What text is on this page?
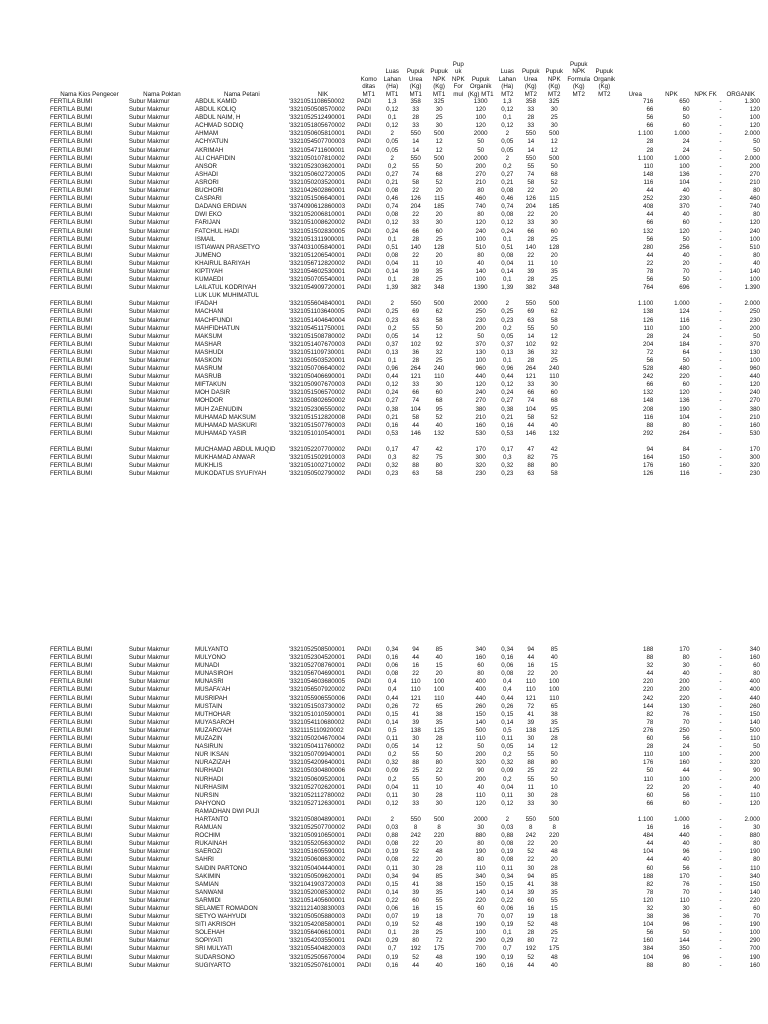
Nama Kios Pengecer	Nama Poktan	Nama Petani	NIK	Komo ditas MT1	Luas Lahan (Ha) MT1	Pupuk Urea (Kg) MT1	Pupuk NPK (Kg) MT1	Pup uk NPK For mul	Pupuk Organik (Kg) MT1	Luas Lahan (Ha) MT2	Pupuk Urea (Kg) MT2	Pupuk NPK (Kg) MT2	Pupuk NPK Formula (Kg) MT2	Pupuk Organik (Kg) MT2	Urea	NPK	NPK FK	ORGANIK
FERTILA BUMI	Subur Makmur	ABDUL KAMID	'3321051108650002	PADI	1,3	358	325		1300	1,3	358	325			716	650	-	1.300
FERTILA BUMI	Subur Makmur	ABDUL KOLIQ	'3321050508570002	PADI	0,12	33	30		120	0,12	33	30			66	60	-	120
FERTILA BUMI	Subur Makmur	ABDUL NAIM, H	'3321052512490001	PADI	0,1	28	25		100	0,1	28	25			56	50	-	100
FERTILA BUMI	Subur Makmur	ACHMAD SODIQ	'3321051805670002	PADI	0,12	33	30		120	0,12	33	30			66	60	-	120
FERTILA BUMI	Subur Makmur	AHMAM	'3321050605810001	PADI	2	550	500		2000	2	550	500			1.100	1.000	-	2.000
FERTILA BUMI	Subur Makmur	ACHYATUN	'3321054507700003	PADI	0,05	14	12		50	0,05	14	12			28	24	-	50
FERTILA BUMI	Subur Makmur	AKRIMAH	'3321054711600001	PADI	0,05	14	12		50	0,05	14	12			28	24	-	50
FERTILA BUMI	Subur Makmur	ALI CHAFIDIN	'3321050107810002	PADI	2	550	500		2000	2	550	500			1.100	1.000	-	2.000
FERTILA BUMI	Subur Makmur	ANSOR	'3321052303620001	PADI	0,2	55	50		200	0,2	55	50			110	100	-	200
FERTILA BUMI	Subur Makmur	ASHADI	'3321050602720005	PADI	0,27	74	68		270	0,27	74	68			148	136	-	270
FERTILA BUMI	Subur Makmur	ASRORI	'3321050203520001	PADI	0,21	58	52		210	0,21	58	52			116	104	-	210
FERTILA BUMI	Subur Makmur	BUCHORI	'3321042602860001	PADI	0,08	22	20		80	0,08	22	20			44	40	-	80
FERTILA BUMI	Subur Makmur	CASPARI	'3321051506640001	PADI	0,46	126	115		460	0,46	126	115			252	230	-	460
FERTILA BUMI	Subur Makmur	DADANG ERDIAN	'3374090612860003	PADI	0,74	204	185		740	0,74	204	185			408	370	-	740
FERTILA BUMI	Subur Makmur	DWI EKO	'3321052006810001	PADI	0,08	22	20		80	0,08	22	20			44	40	-	80
FERTILA BUMI	Subur Makmur	FARIJAN	'3321051008620002	PADI	0,12	33	30		120	0,12	33	30			66	60	-	120
FERTILA BUMI	Subur Makmur	FATCHUL HADI	'3321051502830005	PADI	0,24	66	60		240	0,24	66	60			132	120	-	240
FERTILA BUMI	Subur Makmur	ISMAIL	'3321051311900001	PADI	0,1	28	25		100	0,1	28	25			56	50	-	100
FERTILA BUMI	Subur Makmur	ISTIAWAN PRASETYO	'3374031005840001	PADI	0,51	140	128		510	0,51	140	128			280	256	-	510
FERTILA BUMI	Subur Makmur	JUMENO	'3321051206540001	PADI	0,08	22	20		80	0,08	22	20			44	40	-	80
FERTILA BUMI	Subur Makmur	KHAIRUL BARIYAH	'3321056712820002	PADI	0,04	11	10		40	0,04	11	10			22	20	-	40
FERTILA BUMI	Subur Makmur	KIPTIYAH	'3321054602530001	PADI	0,14	39	35		140	0,14	39	35			78	70	-	140
FERTILA BUMI	Subur Makmur	KUMAEDI	'3321050705540001	PADI	0,1	28	25		100	0,1	28	25			56	50	-	100
FERTILA BUMI	Subur Makmur	LAILATUL KODRIYAH	'3321054909720001	PADI	1,39	382	348		1390	1,39	382	348			764	696	-	1.390
		LUK LUK MUHIMATUL																
FERTILA BUMI	Subur Makmur	IFADAH	'3321055604840001	PADI	2	550	500		2000	2	550	500			1.100	1.000	-	2.000
FERTILA BUMI	Subur Makmur	MACHANI	'3321051103640005	PADI	0,25	69	62		250	0,25	69	62			138	124	-	250
FERTILA BUMI	Subur Makmur	MACHFUNDI	'3321051404640004	PADI	0,23	63	58		230	0,23	63	58			126	116	-	230
FERTILA BUMI	Subur Makmur	MAHFIDHATUN	'3321054511750001	PADI	0,2	55	50		200	0,2	55	50			110	100	-	200
FERTILA BUMI	Subur Makmur	MAKSUM	'3321051508780002	PADI	0,05	14	12		50	0,05	14	12			28	24	-	50
FERTILA BUMI	Subur Makmur	MASHAR	'3321051407670003	PADI	0,37	102	92		370	0,37	102	92			204	184	-	370
FERTILA BUMI	Subur Makmur	MASHUDI	'3321051109730001	PADI	0,13	36	32		130	0,13	36	32			72	64	-	130
FERTILA BUMI	Subur Makmur	MASKON	'3321050503520001	PADI	0,1	28	25		100	0,1	28	25			56	50	-	100
FERTILA BUMI	Subur Makmur	MASRUM	'3321050706640002	PADI	0,96	264	240		960	0,96	264	240			528	480	-	960
FERTILA BUMI	Subur Makmur	MASRUB	'3321050406690001	PADI	0,44	121	110		440	0,44	121	110			242	220	-	440
FERTILA BUMI	Subur Makmur	MIFTAKUN	'3321050907670003	PADI	0,12	33	30		120	0,12	33	30			66	60	-	120
FERTILA BUMI	Subur Makmur	MOH DASIR	'3321051506570002	PADI	0,24	66	60		240	0,24	66	60			132	120	-	240
FERTILA BUMI	Subur Makmur	MOHDOR	'3321050802650002	PADI	0,27	74	68		270	0,27	74	68			148	136	-	270
FERTILA BUMI	Subur Makmur	MUH ZAENUDIN	'3321052306550002	PADI	0,38	104	95		380	0,38	104	95			208	190	-	380
FERTILA BUMI	Subur Makmur	MUHAMAD MAKSUM	'3321051512820008	PADI	0,21	58	52		210	0,21	58	52			116	104	-	210
FERTILA BUMI	Subur Makmur	MUHAMAD MASKURI	'3321051507760003	PADI	0,16	44	40		160	0,16	44	40			88	80	-	160
FERTILA BUMI	Subur Makmur	MUHAMAD YASIR	'3321051010540001	PADI	0,53	146	132		530	0,53	146	132			292	264	-	530

FERTILA BUMI	Subur Makmur	MUCHAMAD ABDUL MUQID	'3321052207700002	PADI	0,17	47	42		170	0,17	47	42			94	84	-	170
FERTILA BUMI	Subur Makmur	MUKHAMAD ANWAR	'3321051502910003	PADI	0,3	82	75		300	0,3	82	75			164	150	-	300
FERTILA BUMI	Subur Makmur	MUKHLIS	'3321051002710002	PADI	0,32	88	80		320	0,32	88	80			176	160	-	320
FERTILA BUMI	Subur Makmur	MUKODATUS SYUFIYAH	'3321050502790002	PADI	0,23	63	58		230	0,23	63	58			126	116	-	230
FERTILA BUMI	Subur Makmur	MULYANTO	'3321052508500001	PADI	0,34	94	85		340	0,34	94	85			188	170	-	340
FERTILA BUMI	Subur Makmur	MULYONO	'3321052304520001	PADI	0,16	44	40		160	0,16	44	40			88	80	-	160
FERTILA BUMI	Subur Makmur	MUNADI	'3321052708760001	PADI	0,06	16	15		60	0,06	16	15			32	30	-	60
FERTILA BUMI	Subur Makmur	MUNASIROH	'3321056704690001	PADI	0,08	22	20		80	0,08	22	20			44	40	-	80
FERTILA BUMI	Subur Makmur	MUNASRI	'3321054603680005	PADI	0,4	110	100		400	0,4	110	100			220	200	-	400
FERTILA BUMI	Subur Makmur	MUSAFA'AH	'3321056507920002	PADI	0,4	110	100		400	0,4	110	100			220	200	-	400
FERTILA BUMI	Subur Makmur	MUSRIPAH	'3321055906550006	PADI	0,44	121	110		440	0,44	121	110			242	220	-	440
FERTILA BUMI	Subur Makmur	MUSTAIN	'3321051503730002	PADI	0,26	72	65		260	0,26	72	65			144	130	-	260
FERTILA BUMI	Subur Makmur	MUTHOHAR	'3321051010590001	PADI	0,15	41	38		150	0,15	41	38			82	76	-	150
FERTILA BUMI	Subur Makmur	MUYASAROH	'3321054110680002	PADI	0,14	39	35		140	0,14	39	35			78	70	-	140
FERTILA BUMI	Subur Makmur	MUZARO'AH	'3321115110920002	PADI	0,5	138	125		500	0,5	138	125			276	250	-	500
FERTILA BUMI	Subur Makmur	MUZAZIN	'3321050204670004	PADI	0,11	30	28		110	0,11	30	28			60	56	-	110
FERTILA BUMI	Subur Makmur	NASIRUN	'3321050411760002	PADI	0,05	14	12		50	0,05	14	12			28	24	-	50
FERTILA BUMI	Subur Makmur	NUR IKSAN	'3321050709940001	PADI	0,2	55	50		200	0,2	55	50			110	100	-	200
FERTILA BUMI	Subur Makmur	NURAZIZAH	'3321054209640001	PADI	0,32	88	80		320	0,32	88	80			176	160	-	320
FERTILA BUMI	Subur Makmur	NURHADI	'3321050304800006	PADI	0,09	25	22		90	0,09	25	22			50	44	-	90
FERTILA BUMI	Subur Makmur	NURHADI	'3321050609520001	PADI	0,2	55	50		200	0,2	55	50			110	100	-	200
FERTILA BUMI	Subur Makmur	NURHASIM	'3321052702620001	PADI	0,04	11	10		40	0,04	11	10			22	20	-	40
FERTILA BUMI	Subur Makmur	NURSIN	'3321052112780002	PADI	0,11	30	28		110	0,11	30	28			60	56	-	110
FERTILA BUMI	Subur Makmur	PAHYONO	'3321052712630001	PADI	0,12	33	30		120	0,12	33	30			66	60	-	120
		RAMADHAN DWI PUJI																
FERTILA BUMI	Subur Makmur	HARTANTO	'3321050804890001	PADI	2	550	500		2000	2	550	500			1.100	1.000	-	2.000
FERTILA BUMI	Subur Makmur	RAMUAN	'3321052507700002	PADI	0,03	8	8		30	0,03	8	8			16	16	-	30
FERTILA BUMI	Subur Makmur	ROCHIM	'3321050910650001	PADI	0,88	242	220		880	0,88	242	220			484	440	-	880
FERTILA BUMI	Subur Makmur	RUKAINAH	'3321055205630002	PADI	0,08	22	20		80	0,08	22	20			44	40	-	80
FERTILA BUMI	Subur Makmur	SAEROZI	'3321051605590001	PADI	0,19	52	48		190	0,19	52	48			104	96	-	190
FERTILA BUMI	Subur Makmur	SAHRI	'3321050608630002	PADI	0,08	22	20		80	0,08	22	20			44	40	-	80
FERTILA BUMI	Subur Makmur	SAIDIN PARTONO	'3321050404440001	PADI	0,11	30	28		110	0,11	30	28			60	56	-	110
FERTILA BUMI	Subur Makmur	SAKIMIN	'3321050509620001	PADI	0,34	94	85		340	0,34	94	85			188	170	-	340
FERTILA BUMI	Subur Makmur	SAMIAN	'3321041903720003	PADI	0,15	41	38		150	0,15	41	38			82	76	-	150
FERTILA BUMI	Subur Makmur	SANWANI	'3321052008530002	PADI	0,14	39	35		140	0,14	39	35			78	70	-	140
FERTILA BUMI	Subur Makmur	SARMIDI	'3321051405600001	PADI	0,22	60	55		220	0,22	60	55			120	110	-	220
FERTILA BUMI	Subur Makmur	SELAMET ROMADON	'3321121403830003	PADI	0,06	16	15		60	0,06	16	15			32	30	-	60
FERTILA BUMI	Subur Makmur	SETYO WAHYUDI	'3321050505880003	PADI	0,07	19	18		70	0,07	19	18			38	36	-	70
FERTILA BUMI	Subur Makmur	SITI AKRISOH	'3321054208580001	PADI	0,19	52	48		190	0,19	52	48			104	96	-	190
FERTILA BUMI	Subur Makmur	SOLEHAH	'3321056406610001	PADI	0,1	28	25		100	0,1	28	25			56	50	-	100
FERTILA BUMI	Subur Makmur	SOPIYATI	'3321054203550001	PADI	0,29	80	72		290	0,29	80	72			160	144	-	290
FERTILA BUMI	Subur Makmur	SRI MULYATI	'3321055404820003	PADI	0,7	192	175		700	0,7	192	175			384	350	-	700
FERTILA BUMI	Subur Makmur	SUDARSONO	'3321052505670004	PADI	0,19	52	48		190	0,19	52	48			104	96	-	190
FERTILA BUMI	Subur Makmur	SUGIYARTO	'3321052507610001	PADI	0,16	44	40		160	0,16	44	40			88	80	-	160
